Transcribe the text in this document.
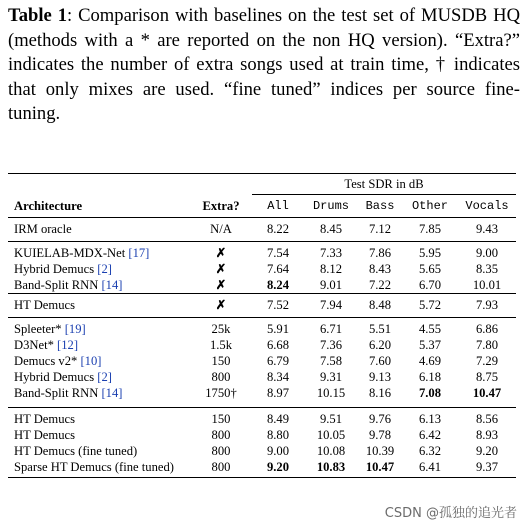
Table 1: Comparison with baselines on the test set of MUSDB HQ (methods with a * are reported on the non HQ version). “Extra?” indicates the number of extra songs used at train time, † indicates that only mixes are used. “fine tuned” indices per source fine-tuning.
Test SDR in dB
Architecture	Extra?	All	Drums	Bass	Other	Vocals
IRM oracle	N/A	8.22	8.45	7.12	7.85	9.43
KUIELAB-MDX-Net [17]	✗	7.54	7.33	7.86	5.95	9.00
Hybrid Demucs [2]	✗	7.64	8.12	8.43	5.65	8.35
Band-Split RNN [14]	✗	8.24	9.01	7.22	6.70	10.01
HT Demucs	✗	7.52	7.94	8.48	5.72	7.93
Spleeter* [19]	25k	5.91	6.71	5.51	4.55	6.86
D3Net* [12]	1.5k	6.68	7.36	6.20	5.37	7.80
Demucs v2* [10]	150	6.79	7.58	7.60	4.69	7.29
Hybrid Demucs [2]	800	8.34	9.31	9.13	6.18	8.75
Band-Split RNN [14]	1750†	8.97	10.15	8.16	7.08	10.47
HT Demucs	150	8.49	9.51	9.76	6.13	8.56
HT Demucs	800	8.80	10.05	9.78	6.42	8.93
HT Demucs (fine tuned)	800	9.00	10.08	10.39	6.32	9.20
Sparse HT Demucs (fine tuned)	800	9.20	10.83	10.47	6.41	9.37
CSDN @孤独的追光者
